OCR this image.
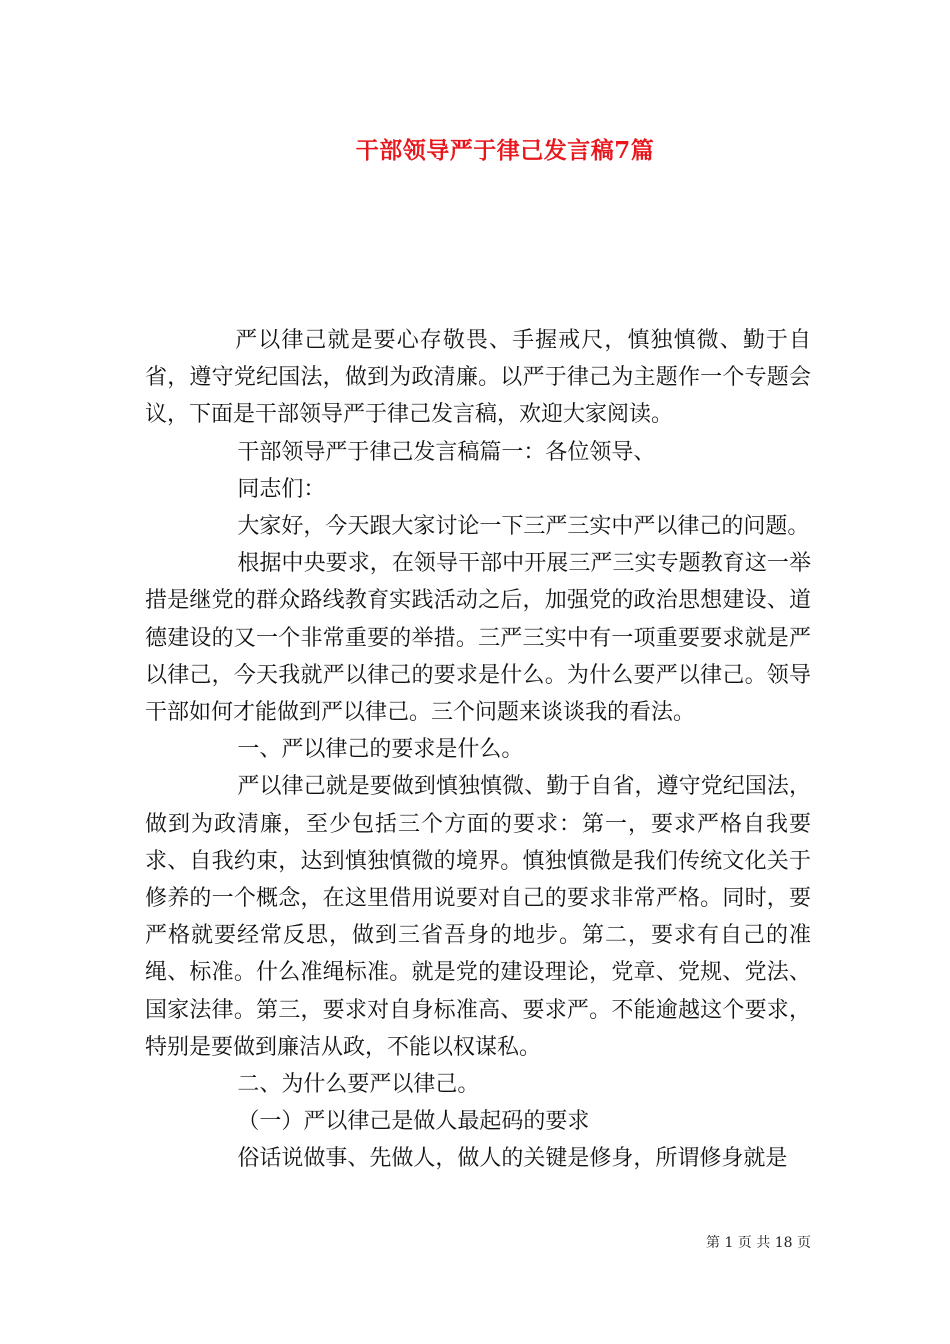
干部领导严于律己发言稿7篇

严以律己就是要心存敬畏、手握戒尺，慎独慎微、勤于自省，遵守党纪国法，做到为政清廉。以严于律己为主题作一个专题会议，下面是干部领导严于律己发言稿，欢迎大家阅读。

干部领导严于律己发言稿篇一：各位领导、

同志们：

大家好，今天跟大家讨论一下三严三实中严以律己的问题。

根据中央要求，在领导干部中开展三严三实专题教育这一举措是继党的群众路线教育实践活动之后，加强党的政治思想建设、道德建设的又一个非常重要的举措。三严三实中有一项重要要求就是严以律己，今天我就严以律己的要求是什么。为什么要严以律己。领导干部如何才能做到严以律己。三个问题来谈谈我的看法。

一、严以律己的要求是什么。

严以律己就是要做到慎独慎微、勤于自省，遵守党纪国法，做到为政清廉，至少包括三个方面的要求：第一，要求严格自我要求、自我约束，达到慎独慎微的境界。慎独慎微是我们传统文化关于修养的一个概念，在这里借用说要对自己的要求非常严格。同时，要严格就要经常反思，做到三省吾身的地步。第二，要求有自己的准绳、标准。什么准绳标准。就是党的建设理论，党章、党规、党法、国家法律。第三，要求对自身标准高、要求严。不能逾越这个要求，特别是要做到廉洁从政，不能以权谋私。

二、为什么要严以律己。

（一）严以律己是做人最起码的要求

俗话说做事、先做人，做人的关键是修身，所谓修身就是

第 1 页 共 18 页
